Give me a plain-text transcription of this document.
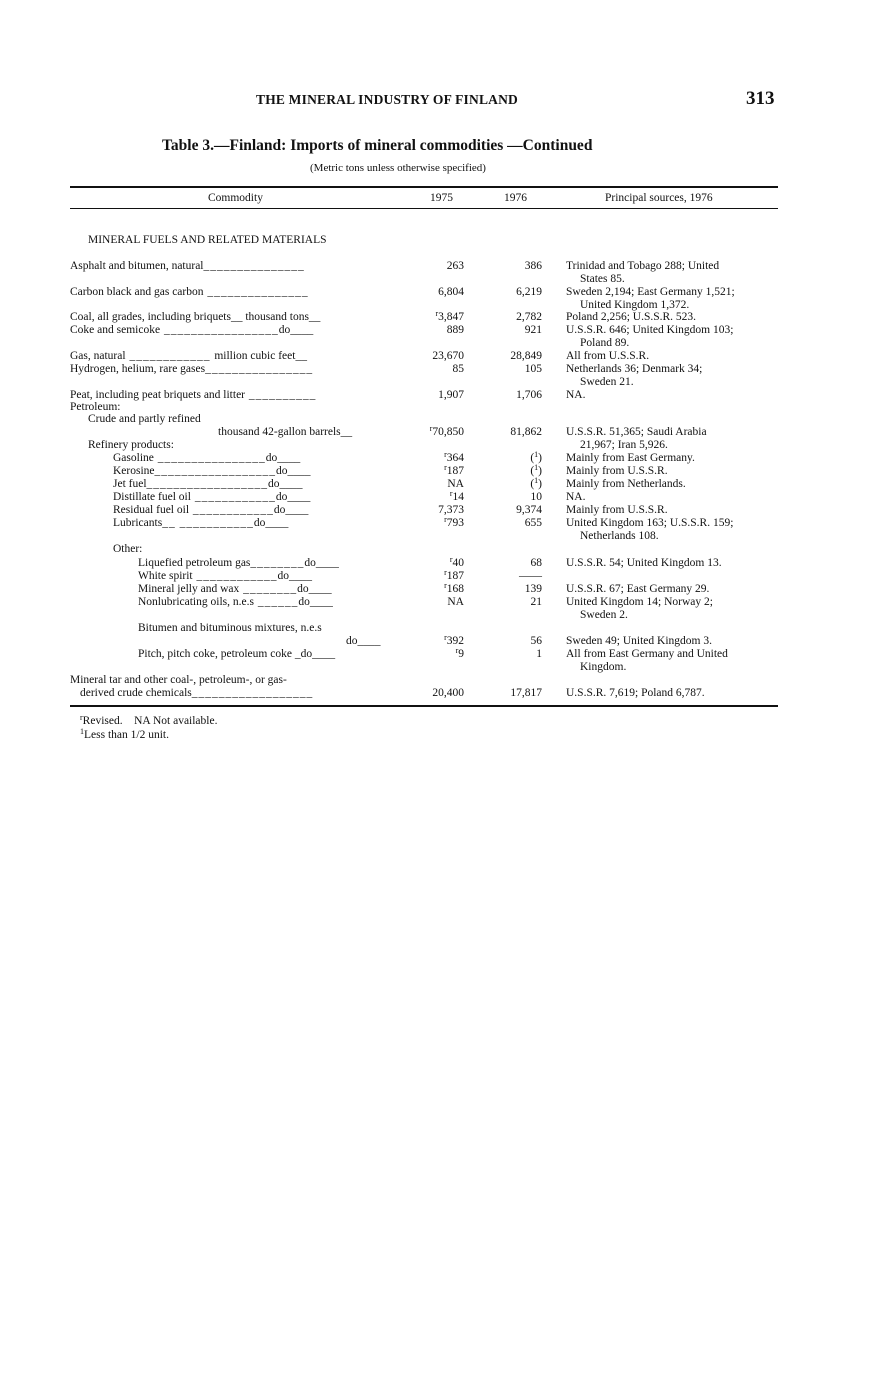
THE MINERAL INDUSTRY OF FINLAND	313
Table 3.—Finland: Imports of mineral commodities —Continued
(Metric tons unless otherwise specified)
Commodity	1975	1976	Principal sources, 1976
MINERAL FUELS AND RELATED MATERIALS
Asphalt and bitumen, natural_______________	263	386 Trinidad and Tobago 288; United
States 85.
Carbon black and gas carbon _______________	6,804	6,219 Sweden 2,194; East Germany 1,521;
United Kingdom 1,372.
Coal, all grades, including briquets__ thousand tons__	$^r$3,847	2,782 Poland 2,256; U.S.S.R. 523.
Coke and semicoke _________________do____	889	921 U.S.S.R. 646; United Kingdom 103;
Poland 89.
Gas, natural ____________ million cubic feet__	23,670	28,849 All from U.S.S.R.
Hydrogen, helium, rare gases________________	85	105 Netherlands 36; Denmark 34;
Sweden 21.
Peat, including peat briquets and litter __________	1,907	1,706 NA.
Petroleum:
Crude and partly refined
thousand 42-gallon barrels__	$^r$70,850	81,862 U.S.S.R. 51,365; Saudi Arabia
21,967; Iran 5,926.
Refinery products:
Gasoline ________________do____	$^r$364	($^1$) Mainly from East Germany.
Kerosine__________________do____	$^r$187	($^1$) Mainly from U.S.S.R.
Jet fuel__________________do____	NA	($^1$) Mainly from Netherlands.
Distillate fuel oil ____________do____	$^r$14	10 NA.
Residual fuel oil ____________do____	7,373	9,374 Mainly from U.S.S.R.
Lubricants__ ___________do____	$^r$793	655 United Kingdom 163; U.S.S.R. 159;
Netherlands 108.
Other:
Liquefied petroleum gas________do____	$^r$40	68 U.S.S.R. 54; United Kingdom 13.
White spirit ____________do____	$^r$187	——
Mineral jelly and wax ________do____	$^r$168	139 U.S.S.R. 67; East Germany 29.
Nonlubricating oils, n.e.s ______do____	NA	21 United Kingdom 14; Norway 2;
Sweden 2.
Bitumen and bituminous mixtures, n.e.s
do____	$^r$392	56 Sweden 49; United Kingdom 3.
Pitch, pitch coke, petroleum coke _do____	$^r$9	1 All from East Germany and United
Kingdom.
Mineral tar and other coal-, petroleum-, or gas-
derived crude chemicals__________________	20,400	17,817 U.S.S.R. 7,619; Poland 6,787.
$^r$Revised. NA Not available.
$^1$Less than 1/2 unit.
